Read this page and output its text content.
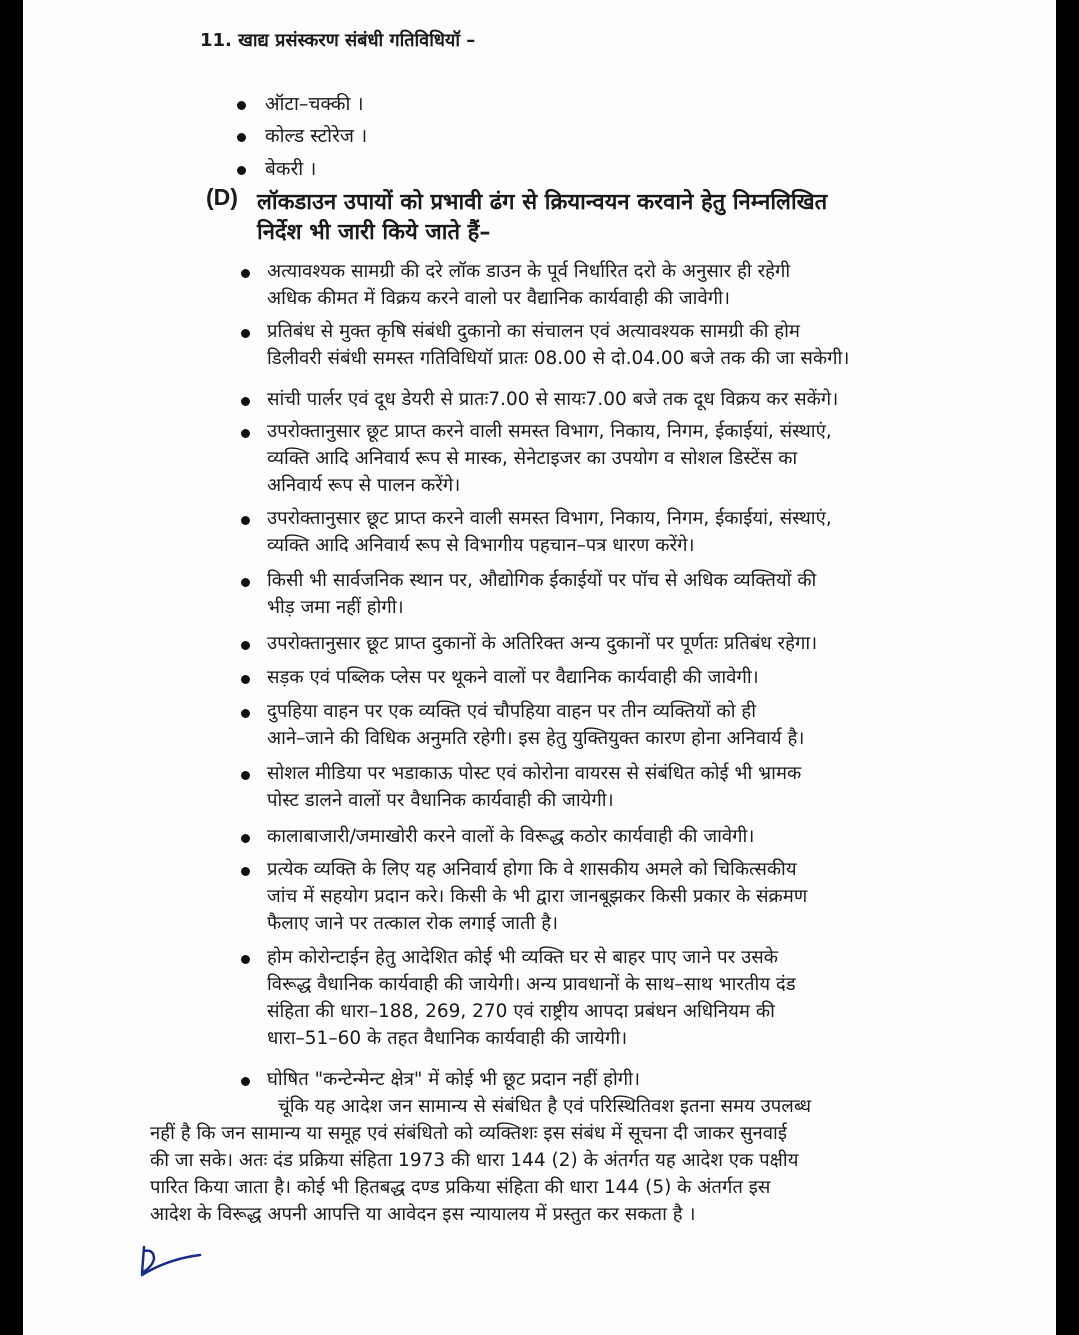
11. खाद्य प्रसंस्करण संबंधी गतिविधियॉ –
ऑटा–चक्की ।
कोल्ड स्टोरेज ।
बेकरी ।
(D) लॉकडाउन उपायों को प्रभावी ढंग से क्रियान्वयन करवाने हेतु निम्नलिखित
निर्देश भी जारी किये जाते हैं–
अत्यावश्यक सामग्री की दरे लॉक डाउन के पूर्व निर्धारित दरो के अनुसार ही रहेगी
अधिक कीमत में विक्रय करने वालो पर वैद्यानिक कार्यवाही की जावेगी।
प्रतिबंध से मुक्त कृषि संबंधी दुकानो का संचालन एवं अत्यावश्यक सामग्री की होम
डिलीवरी संबंधी समस्त गतिविधियॉ प्रातः 08.00 से दो.04.00 बजे तक की जा सकेगी।
सांची पार्लर एवं दूध डेयरी से प्रातः7.00 से सायः7.00 बजे तक दूध विक्रय कर सकेंगे।
उपरोक्तानुसार छूट प्राप्त करने वाली समस्त विभाग, निकाय, निगम, ईकाईयां, संस्थाएं,
व्यक्ति आदि अनिवार्य रूप से मास्क, सेनेटाइजर का उपयोग व सोशल डिस्टेंस का
अनिवार्य रूप से पालन करेंगे।
उपरोक्तानुसार छूट प्राप्त करने वाली समस्त विभाग, निकाय, निगम, ईकाईयां, संस्थाएं,
व्यक्ति आदि अनिवार्य रूप से विभागीय पहचान–पत्र धारण करेंगे।
किसी भी सार्वजनिक स्थान पर, औद्योगिक ईकाईयों पर पॉच से अधिक व्यक्तियों की
भीड़ जमा नहीं होगी।
उपरोक्तानुसार छूट प्राप्त दुकानों के अतिरिक्त अन्य दुकानों पर पूर्णतः प्रतिबंध रहेगा।
सड़क एवं पब्लिक प्लेस पर थूकने वालों पर वैद्यानिक कार्यवाही की जावेगी।
दुपहिया वाहन पर एक व्यक्ति एवं चौपहिया वाहन पर तीन व्यक्तियों को ही
आने–जाने की विधिक अनुमति रहेगी। इस हेतु युक्तियुक्त कारण होना अनिवार्य है।
सोशल मीडिया पर भडाकाऊ पोस्ट एवं कोरोना वायरस से संबंधित कोई भी भ्रामक
पोस्ट डालने वालों पर वैधानिक कार्यवाही की जायेगी।
कालाबाजारी/जमाखोरी करने वालों के विरूद्ध कठोर कार्यवाही की जावेगी।
प्रत्येक व्यक्ति के लिए यह अनिवार्य होगा कि वे शासकीय अमले को चिकित्सकीय
जांच में सहयोग प्रदान करे। किसी के भी द्वारा जानबूझकर किसी प्रकार के संक्रमण
फैलाए जाने पर तत्काल रोक लगाई जाती है।
होम कोरोन्टाईन हेतु आदेशित कोई भी व्यक्ति घर से बाहर पाए जाने पर उसके
विरूद्ध वैधानिक कार्यवाही की जायेगी। अन्य प्रावधानों के साथ–साथ भारतीय दंड
संहिता की धारा–188, 269, 270 एवं राष्ट्रीय आपदा प्रबंधन अधिनियम की
धारा–51–60 के तहत वैधानिक कार्यवाही की जायेगी।
घोषित "कन्टेन्मेन्ट क्षेत्र" में कोई भी छूट प्रदान नहीं होगी।
चूंकि यह आदेश जन सामान्य से संबंधित है एवं परिस्थितिवश इतना समय उपलब्ध
नहीं है कि जन सामान्य या समूह एवं संबंधितो को व्यक्तिशः इस संबंध में सूचना दी जाकर सुनवाई
की जा सके। अतः दंड प्रक्रिया संहिता 1973 की धारा 144 (2) के अंतर्गत यह आदेश एक पक्षीय
पारित किया जाता है। कोई भी हितबद्ध दण्ड प्रकिया संहिता की धारा 144 (5) के अंतर्गत इस
आदेश के विरूद्ध अपनी आपत्ति या आवेदन इस न्यायालय में प्रस्तुत कर सकता है ।
